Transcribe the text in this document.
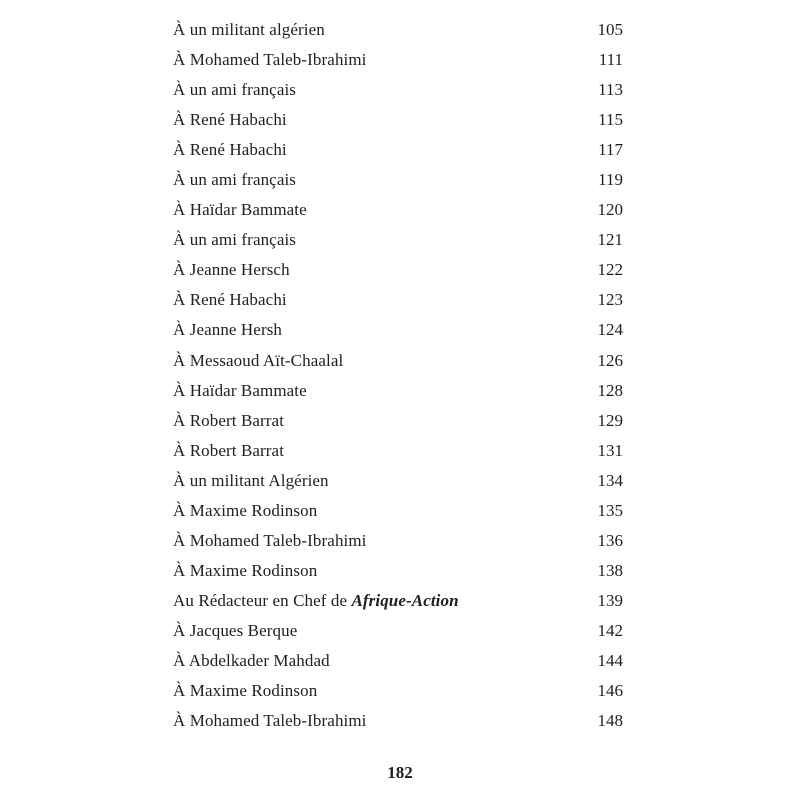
À un militant algérien	105
À Mohamed Taleb-Ibrahimi	111
À un ami français	113
À René Habachi	115
À René Habachi	117
À un ami français	119
À Haïdar Bammate	120
À un ami français	121
À Jeanne Hersch	122
À René Habachi	123
À Jeanne Hersh	124
À Messaoud Aït-Chaalal	126
À Haïdar Bammate	128
À Robert Barrat	129
À Robert Barrat	131
À un militant Algérien	134
À Maxime Rodinson	135
À Mohamed Taleb-Ibrahimi	136
À Maxime Rodinson	138
Au Rédacteur en Chef de Afrique-Action	139
À Jacques Berque	142
À Abdelkader Mahdad	144
À Maxime Rodinson	146
À Mohamed Taleb-Ibrahimi	148
182
